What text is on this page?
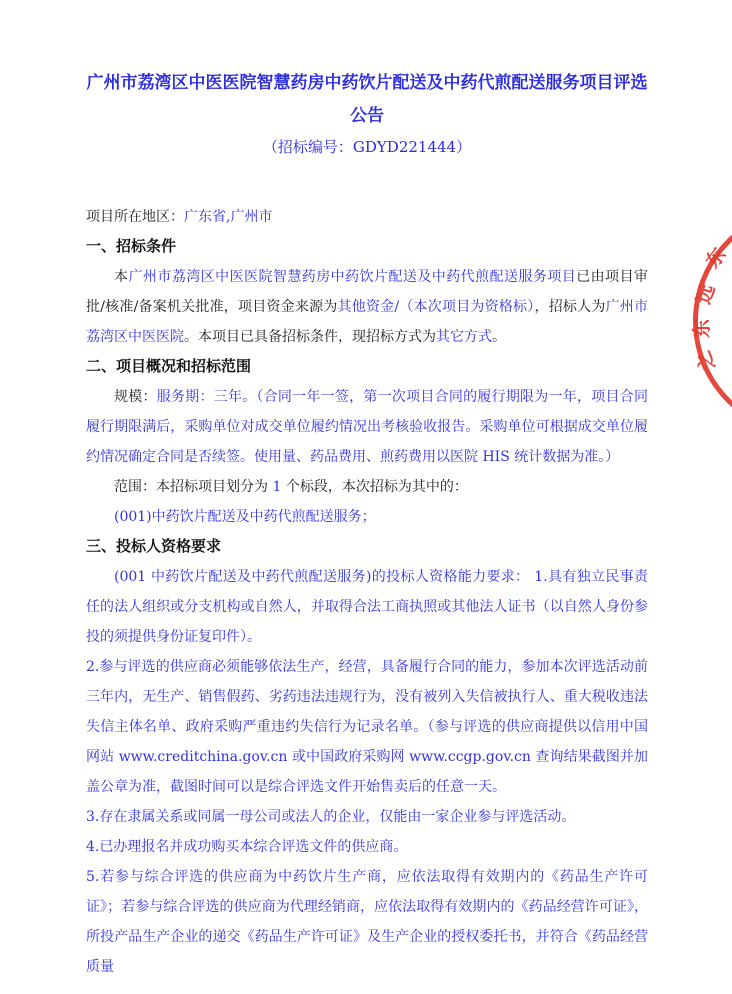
广州市荔湾区中医医院智慧药房中药饮片配送及中药代煎配送服务项目评选公告
（招标编号：GDYD221444）

项目所在地区：广东省,广州市

一、招标条件

本广州市荔湾区中医医院智慧药房中药饮片配送及中药代煎配送服务项目已由项目审批/核准/备案机关批准，项目资金来源为其他资金/（本次项目为资格标），招标人为广州市荔湾区中医医院。本项目已具备招标条件，现招标方式为其它方式。

二、项目概况和招标范围

规模：服务期：三年。（合同一年一签，第一次项目合同的履行期限为一年，项目合同履行期限满后，采购单位对成交单位履约情况出考核验收报告。采购单位可根据成交单位履约情况确定合同是否续签。使用量、药品费用、煎药费用以医院 HIS 统计数据为准。）

范围：本招标项目划分为 1 个标段，本次招标为其中的：

(001)中药饮片配送及中药代煎配送服务；

三、投标人资格要求

(001 中药饮片配送及中药代煎配送服务)的投标人资格能力要求： 1.具有独立民事责任的法人组织或分支机构或自然人，并取得合法工商执照或其他法人证书（以自然人身份参投的须提供身份证复印件）。

2.参与评选的供应商必须能够依法生产，经营，具备履行合同的能力，参加本次评选活动前三年内，无生产、销售假药、劣药违法违规行为，没有被列入失信被执行人、重大税收违法失信主体名单、政府采购严重违约失信行为记录名单。（参与评选的供应商提供以信用中国网站 www.creditchina.gov.cn 或中国政府采购网 www.ccgp.gov.cn 查询结果截图并加盖公章为准，截图时间可以是综合评选文件开始售卖后的任意一天。

3.存在隶属关系或同属一母公司或法人的企业，仅能由一家企业参与评选活动。

4.已办理报名并成功购买本综合评选文件的供应商。

5.若参与综合评选的供应商为中药饮片生产商，应依法取得有效期内的《药品生产许可证》；若参与综合评选的供应商为代理经销商，应依法取得有效期内的《药品经营许可证》，所投产品生产企业的递交《药品生产许可证》及生产企业的授权委托书，并符合《药品经营质量

东
远
东
之
